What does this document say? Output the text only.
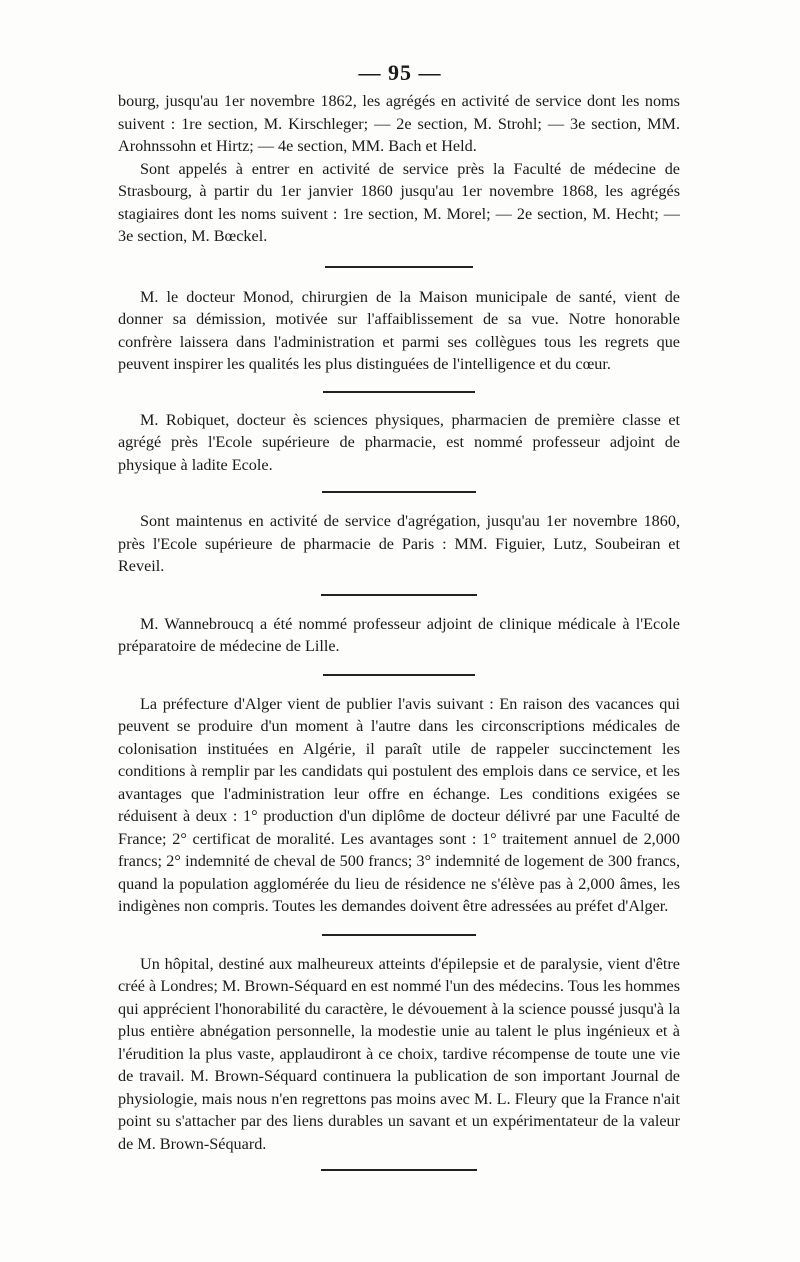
— 95 —

bourg, jusqu'au 1er novembre 1862, les agrégés en activité de service dont les noms suivent : 1re section, M. Kirschleger; — 2e section, M. Strohl; — 3e section, MM. Arohnssohn et Hirtz; — 4e section, MM. Bach et Held.

Sont appelés à entrer en activité de service près la Faculté de médecine de Strasbourg, à partir du 1er janvier 1860 jusqu'au 1er novembre 1868, les agrégés stagiaires dont les noms suivent : 1re section, M. Morel; — 2e section, M. Hecht; — 3e section, M. Bœckel.

M. le docteur Monod, chirurgien de la Maison municipale de santé, vient de donner sa démission, motivée sur l'affaiblissement de sa vue. Notre honorable confrère laissera dans l'administration et parmi ses collègues tous les regrets que peuvent inspirer les qualités les plus distinguées de l'intelligence et du cœur.

M. Robiquet, docteur ès sciences physiques, pharmacien de première classe et agrégé près l'Ecole supérieure de pharmacie, est nommé professeur adjoint de physique à ladite Ecole.

Sont maintenus en activité de service d'agrégation, jusqu'au 1er novembre 1860, près l'Ecole supérieure de pharmacie de Paris : MM. Figuier, Lutz, Soubeiran et Reveil.

M. Wannebroucq a été nommé professeur adjoint de clinique médicale à l'Ecole préparatoire de médecine de Lille.

La préfecture d'Alger vient de publier l'avis suivant : En raison des vacances qui peuvent se produire d'un moment à l'autre dans les circonscriptions médicales de colonisation instituées en Algérie, il paraît utile de rappeler succinctement les conditions à remplir par les candidats qui postulent des emplois dans ce service, et les avantages que l'administration leur offre en échange. Les conditions exigées se réduisent à deux : 1° production d'un diplôme de docteur délivré par une Faculté de France; 2° certificat de moralité. Les avantages sont : 1° traitement annuel de 2,000 francs; 2° indemnité de cheval de 500 francs; 3° indemnité de logement de 300 francs, quand la population agglomérée du lieu de résidence ne s'élève pas à 2,000 âmes, les indigènes non compris. Toutes les demandes doivent être adressées au préfet d'Alger.

Un hôpital, destiné aux malheureux atteints d'épilepsie et de paralysie, vient d'être créé à Londres; M. Brown-Séquard en est nommé l'un des médecins. Tous les hommes qui apprécient l'honorabilité du caractère, le dévouement à la science poussé jusqu'à la plus entière abnégation personnelle, la modestie unie au talent le plus ingénieux et à l'érudition la plus vaste, applaudiront à ce choix, tardive récompense de toute une vie de travail. M. Brown-Séquard continuera la publication de son important Journal de physiologie, mais nous n'en regrettons pas moins avec M. L. Fleury que la France n'ait point su s'attacher par des liens durables un savant et un expérimentateur de la valeur de M. Brown-Séquard.
